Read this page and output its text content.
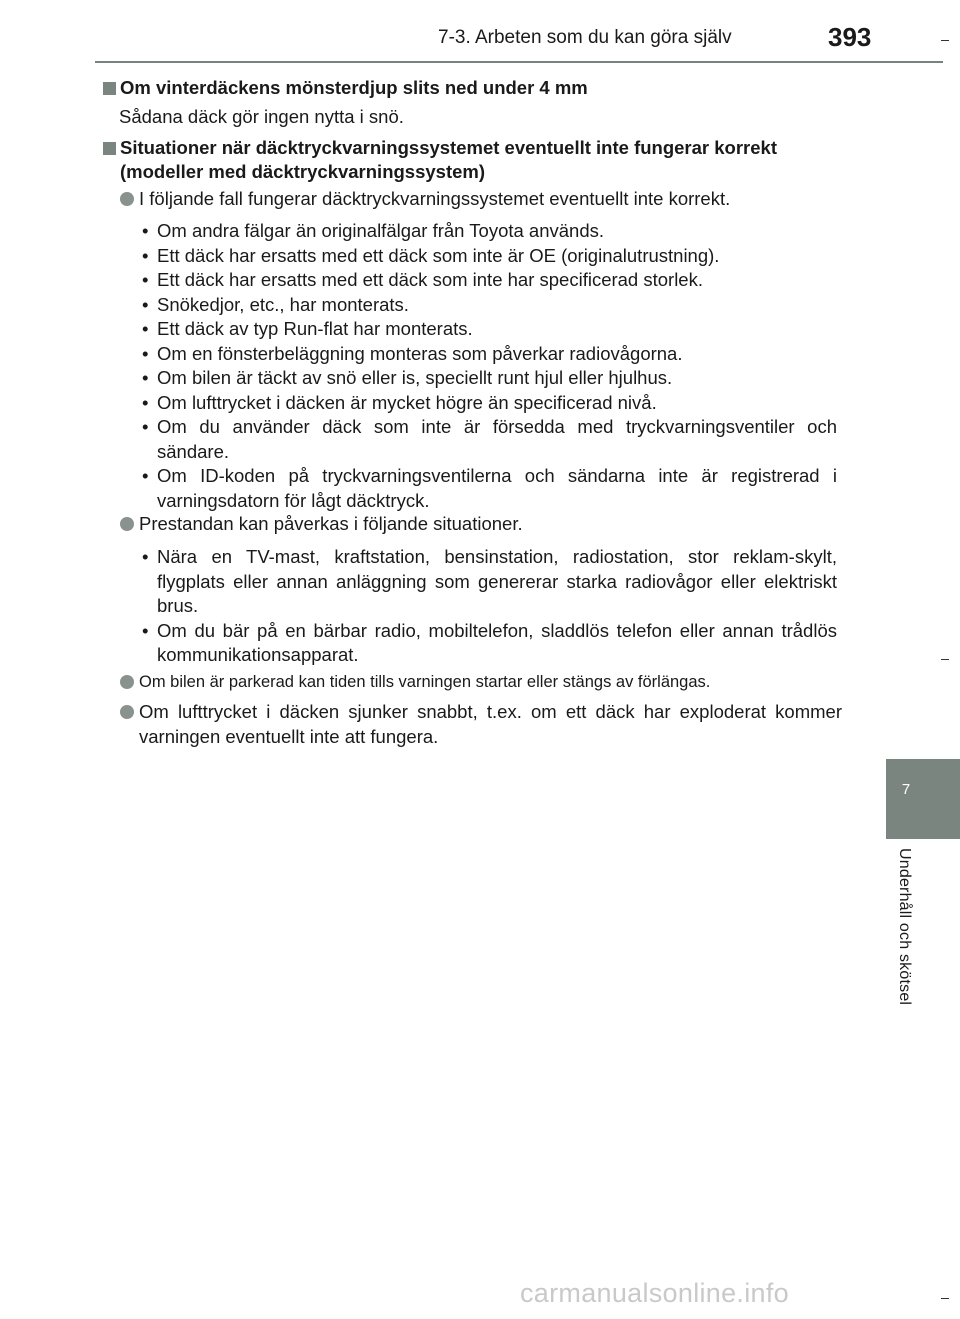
7-3. Arbeten som du kan göra själv	393
7
Underhåll och skötsel
Om vinterdäckens mönsterdjup slits ned under 4 mm
Sådana däck gör ingen nytta i snö.
Situationer när däcktryckvarningssystemet eventuellt inte fungerar korrekt (modeller med däcktryckvarningssystem)
I följande fall fungerar däcktryckvarningssystemet eventuellt inte korrekt.
• Om andra fälgar än originalfälgar från Toyota används.
• Ett däck har ersatts med ett däck som inte är OE (originalutrustning).
• Ett däck har ersatts med ett däck som inte har specificerad storlek.
• Snökedjor, etc., har monterats.
• Ett däck av typ Run-flat har monterats.
• Om en fönsterbeläggning monteras som påverkar radiovågorna.
• Om bilen är täckt av snö eller is, speciellt runt hjul eller hjulhus.
• Om lufttrycket i däcken är mycket högre än specificerad nivå.
• Om du använder däck som inte är försedda med tryckvarningsventiler och sändare.
• Om ID-koden på tryckvarningsventilerna och sändarna inte är registrerad i varningsdatorn för lågt däcktryck.
Prestandan kan påverkas i följande situationer.
• Nära en TV-mast, kraftstation, bensinstation, radiostation, stor reklam-skylt, flygplats eller annan anläggning som genererar starka radiovågor eller elektriskt brus.
• Om du bär på en bärbar radio, mobiltelefon, sladdlös telefon eller annan trådlös kommunikationsapparat.
Om bilen är parkerad kan tiden tills varningen startar eller stängs av förlängas.
Om lufttrycket i däcken sjunker snabbt, t.ex. om ett däck har exploderat kommer varningen eventuellt inte att fungera.
carmanualsonline.info
